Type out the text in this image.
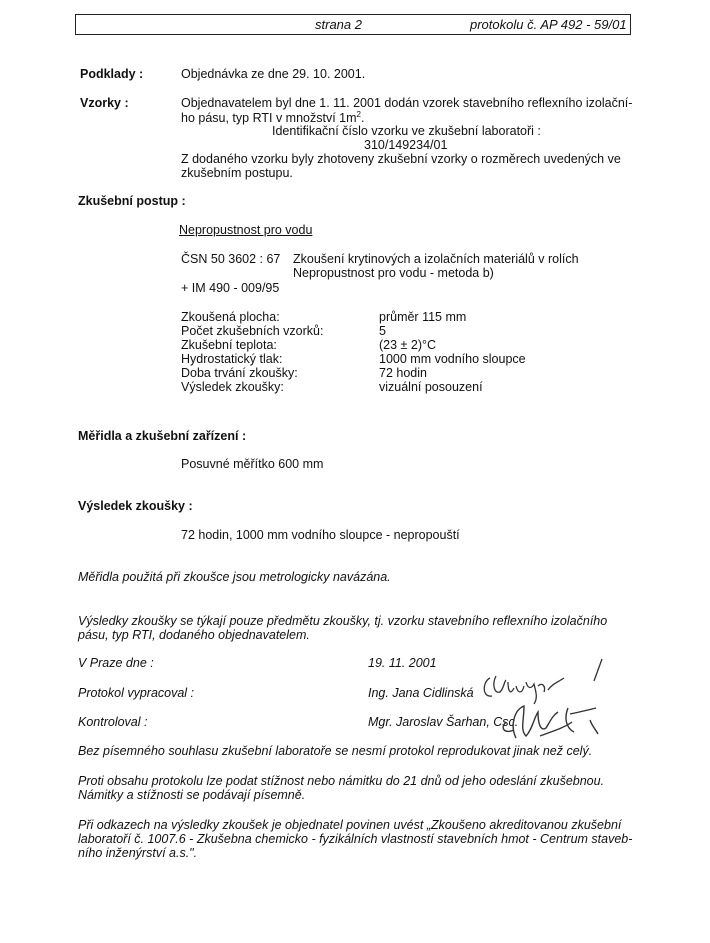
strana 2	protokolu č. AP 492 - 59/01
Podklady :	Objednávka ze dne 29. 10. 2001.
Vzorky :	Objednavatelem byl dne 1. 11. 2001 dodán vzorek stavebního reflexního izolační-
ho pásu, typ RTI v množství $1m^2$.
Identifikační číslo vzorku ve zkušební laboratoři :
310/149234/01
Z dodaného vzorku byly zhotoveny zkušební vzorky o rozměrech uvedených ve
zkušebním postupu.
Zkušební postup :
Nepropustnost pro vodu
ČSN 50 3602 : 67 Zkoušení krytinových a izolačních materiálů v rolích
Nepropustnost pro vodu - metoda b)
+ IM 490 - 009/95
Zkoušená plocha:	průměr 115 mm
Počet zkušebních vzorků:	5
Zkušební teplota:	(23 ± 2)°C
Hydrostatický tlak:	1000 mm vodního sloupce
Doba trvání zkoušky:	72 hodin
Výsledek zkoušky:	vizuální posouzení
Měřidla a zkušební zařízení :
Posuvné měřítko 600 mm
Výsledek zkoušky :
72 hodin, 1000 mm vodního sloupce - nepropouští
Měřidla použitá při zkoušce jsou metrologicky navázána.
Výsledky zkoušky se týkají pouze předmětu zkoušky, tj. vzorku stavebního reflexního izolačního
pásu, typ RTI, dodaného objednavatelem.
V Praze dne :	19. 11. 2001
Protokol vypracoval :	Ing. Jana Cidlinská
Kontroloval :	Mgr. Jaroslav Šarhan, Csc.
Bez písemného souhlasu zkušební laboratoře se nesmí protokol reprodukovat jinak než celý.
Proti obsahu protokolu lze podat stížnost nebo námitku do 21 dnů od jeho odeslání zkušebnou.
Námitky a stížnosti se podávají písemně.
Při odkazech na výsledky zkoušek je objednatel povinen uvést „Zkoušeno akreditovanou zkušební
laboratoří č. 1007.6 - Zkušebna chemicko - fyzikálních vlastností stavebních hmot - Centrum staveb-
ního inženýrství a.s.".
